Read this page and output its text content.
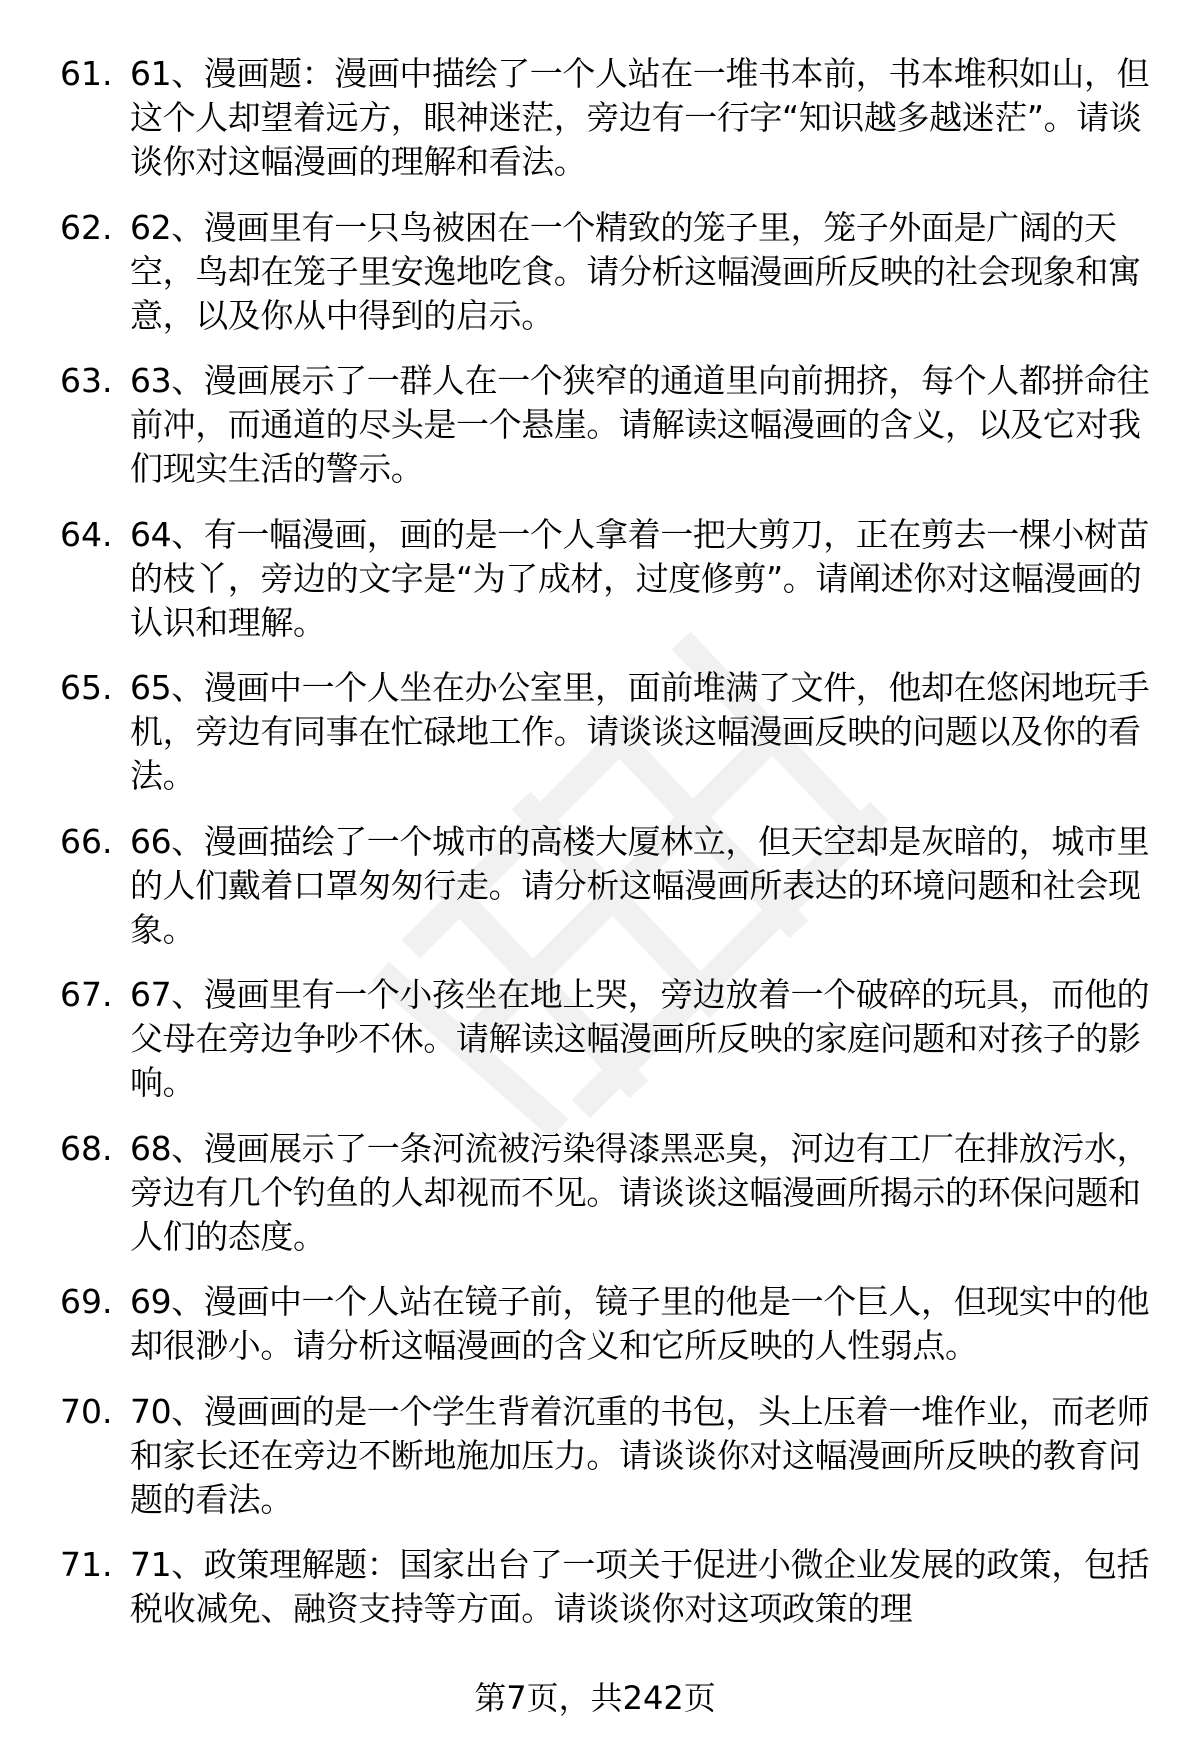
61. 61、漫画题：漫画中描绘了一个人站在一堆书本前，书本堆积如山，但这个人却望着远方，眼神迷茫，旁边有一行字“知识越多越迷茫”。请谈谈你对这幅漫画的理解和看法。
62. 62、漫画里有一只鸟被困在一个精致的笼子里，笼子外面是广阔的天空，鸟却在笼子里安逸地吃食。请分析这幅漫画所反映的社会现象和寓意，以及你从中得到的启示。
63. 63、漫画展示了一群人在一个狭窄的通道里向前拥挤，每个人都拼命往前冲，而通道的尽头是一个悬崖。请解读这幅漫画的含义，以及它对我们现实生活的警示。
64. 64、有一幅漫画，画的是一个人拿着一把大剪刀，正在剪去一棵小树苗的枝丫，旁边的文字是“为了成材，过度修剪”。请阐述你对这幅漫画的认识和理解。
65. 65、漫画中一个人坐在办公室里，面前堆满了文件，他却在悠闲地玩手机，旁边有同事在忙碌地工作。请谈谈这幅漫画反映的问题以及你的看法。
66. 66、漫画描绘了一个城市的高楼大厦林立，但天空却是灰暗的，城市里的人们戴着口罩匆匆行走。请分析这幅漫画所表达的环境问题和社会现象。
67. 67、漫画里有一个小孩坐在地上哭，旁边放着一个破碎的玩具，而他的父母在旁边争吵不休。请解读这幅漫画所反映的家庭问题和对孩子的影响。
68. 68、漫画展示了一条河流被污染得漆黑恶臭，河边有工厂在排放污水，旁边有几个钓鱼的人却视而不见。请谈谈这幅漫画所揭示的环保问题和人们的态度。
69. 69、漫画中一个人站在镜子前，镜子里的他是一个巨人，但现实中的他却很渺小。请分析这幅漫画的含义和它所反映的人性弱点。
70. 70、漫画画的是一个学生背着沉重的书包，头上压着一堆作业，而老师和家长还在旁边不断地施加压力。请谈谈你对这幅漫画所反映的教育问题的看法。
71. 71、政策理解题：国家出台了一项关于促进小微企业发展的政策，包括税收减免、融资支持等方面。请谈谈你对这项政策的理
第7页，共242页
